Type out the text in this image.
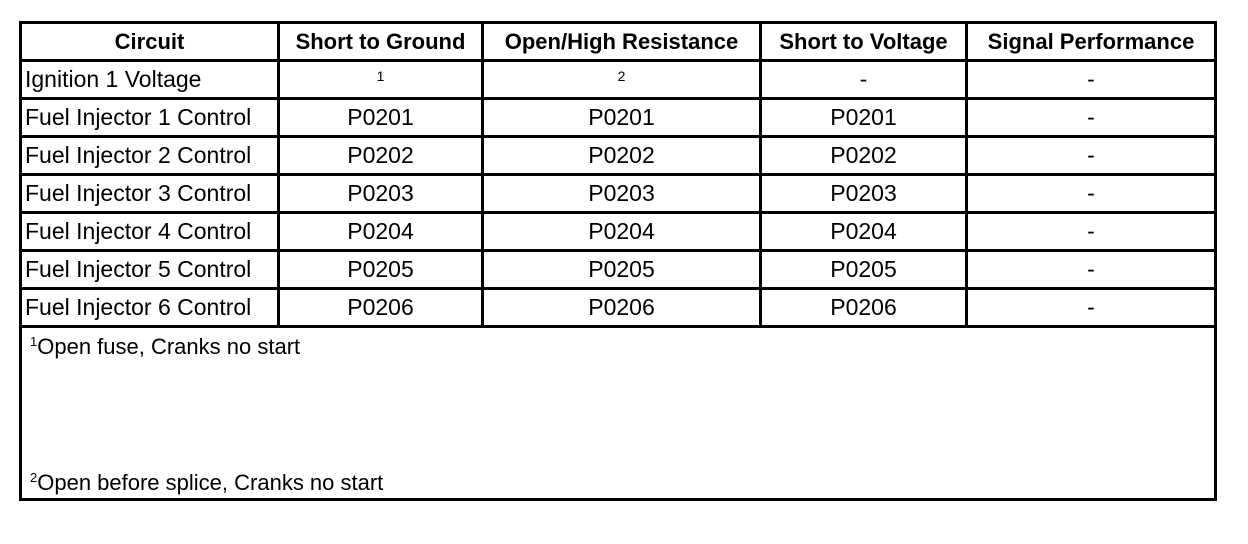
Circuit	Short to Ground	Open/High Resistance	Short to Voltage	Signal Performance
Ignition 1 Voltage	$^1$	$^2$	-	-
Fuel Injector 1 Control	P0201	P0201	P0201	-
Fuel Injector 2 Control	P0202	P0202	P0202	-
Fuel Injector 3 Control	P0203	P0203	P0203	-
Fuel Injector 4 Control	P0204	P0204	P0204	-
Fuel Injector 5 Control	P0205	P0205	P0205	-
Fuel Injector 6 Control	P0206	P0206	P0206	-

$^1$Open fuse, Cranks no start
$^2$Open before splice, Cranks no start				
